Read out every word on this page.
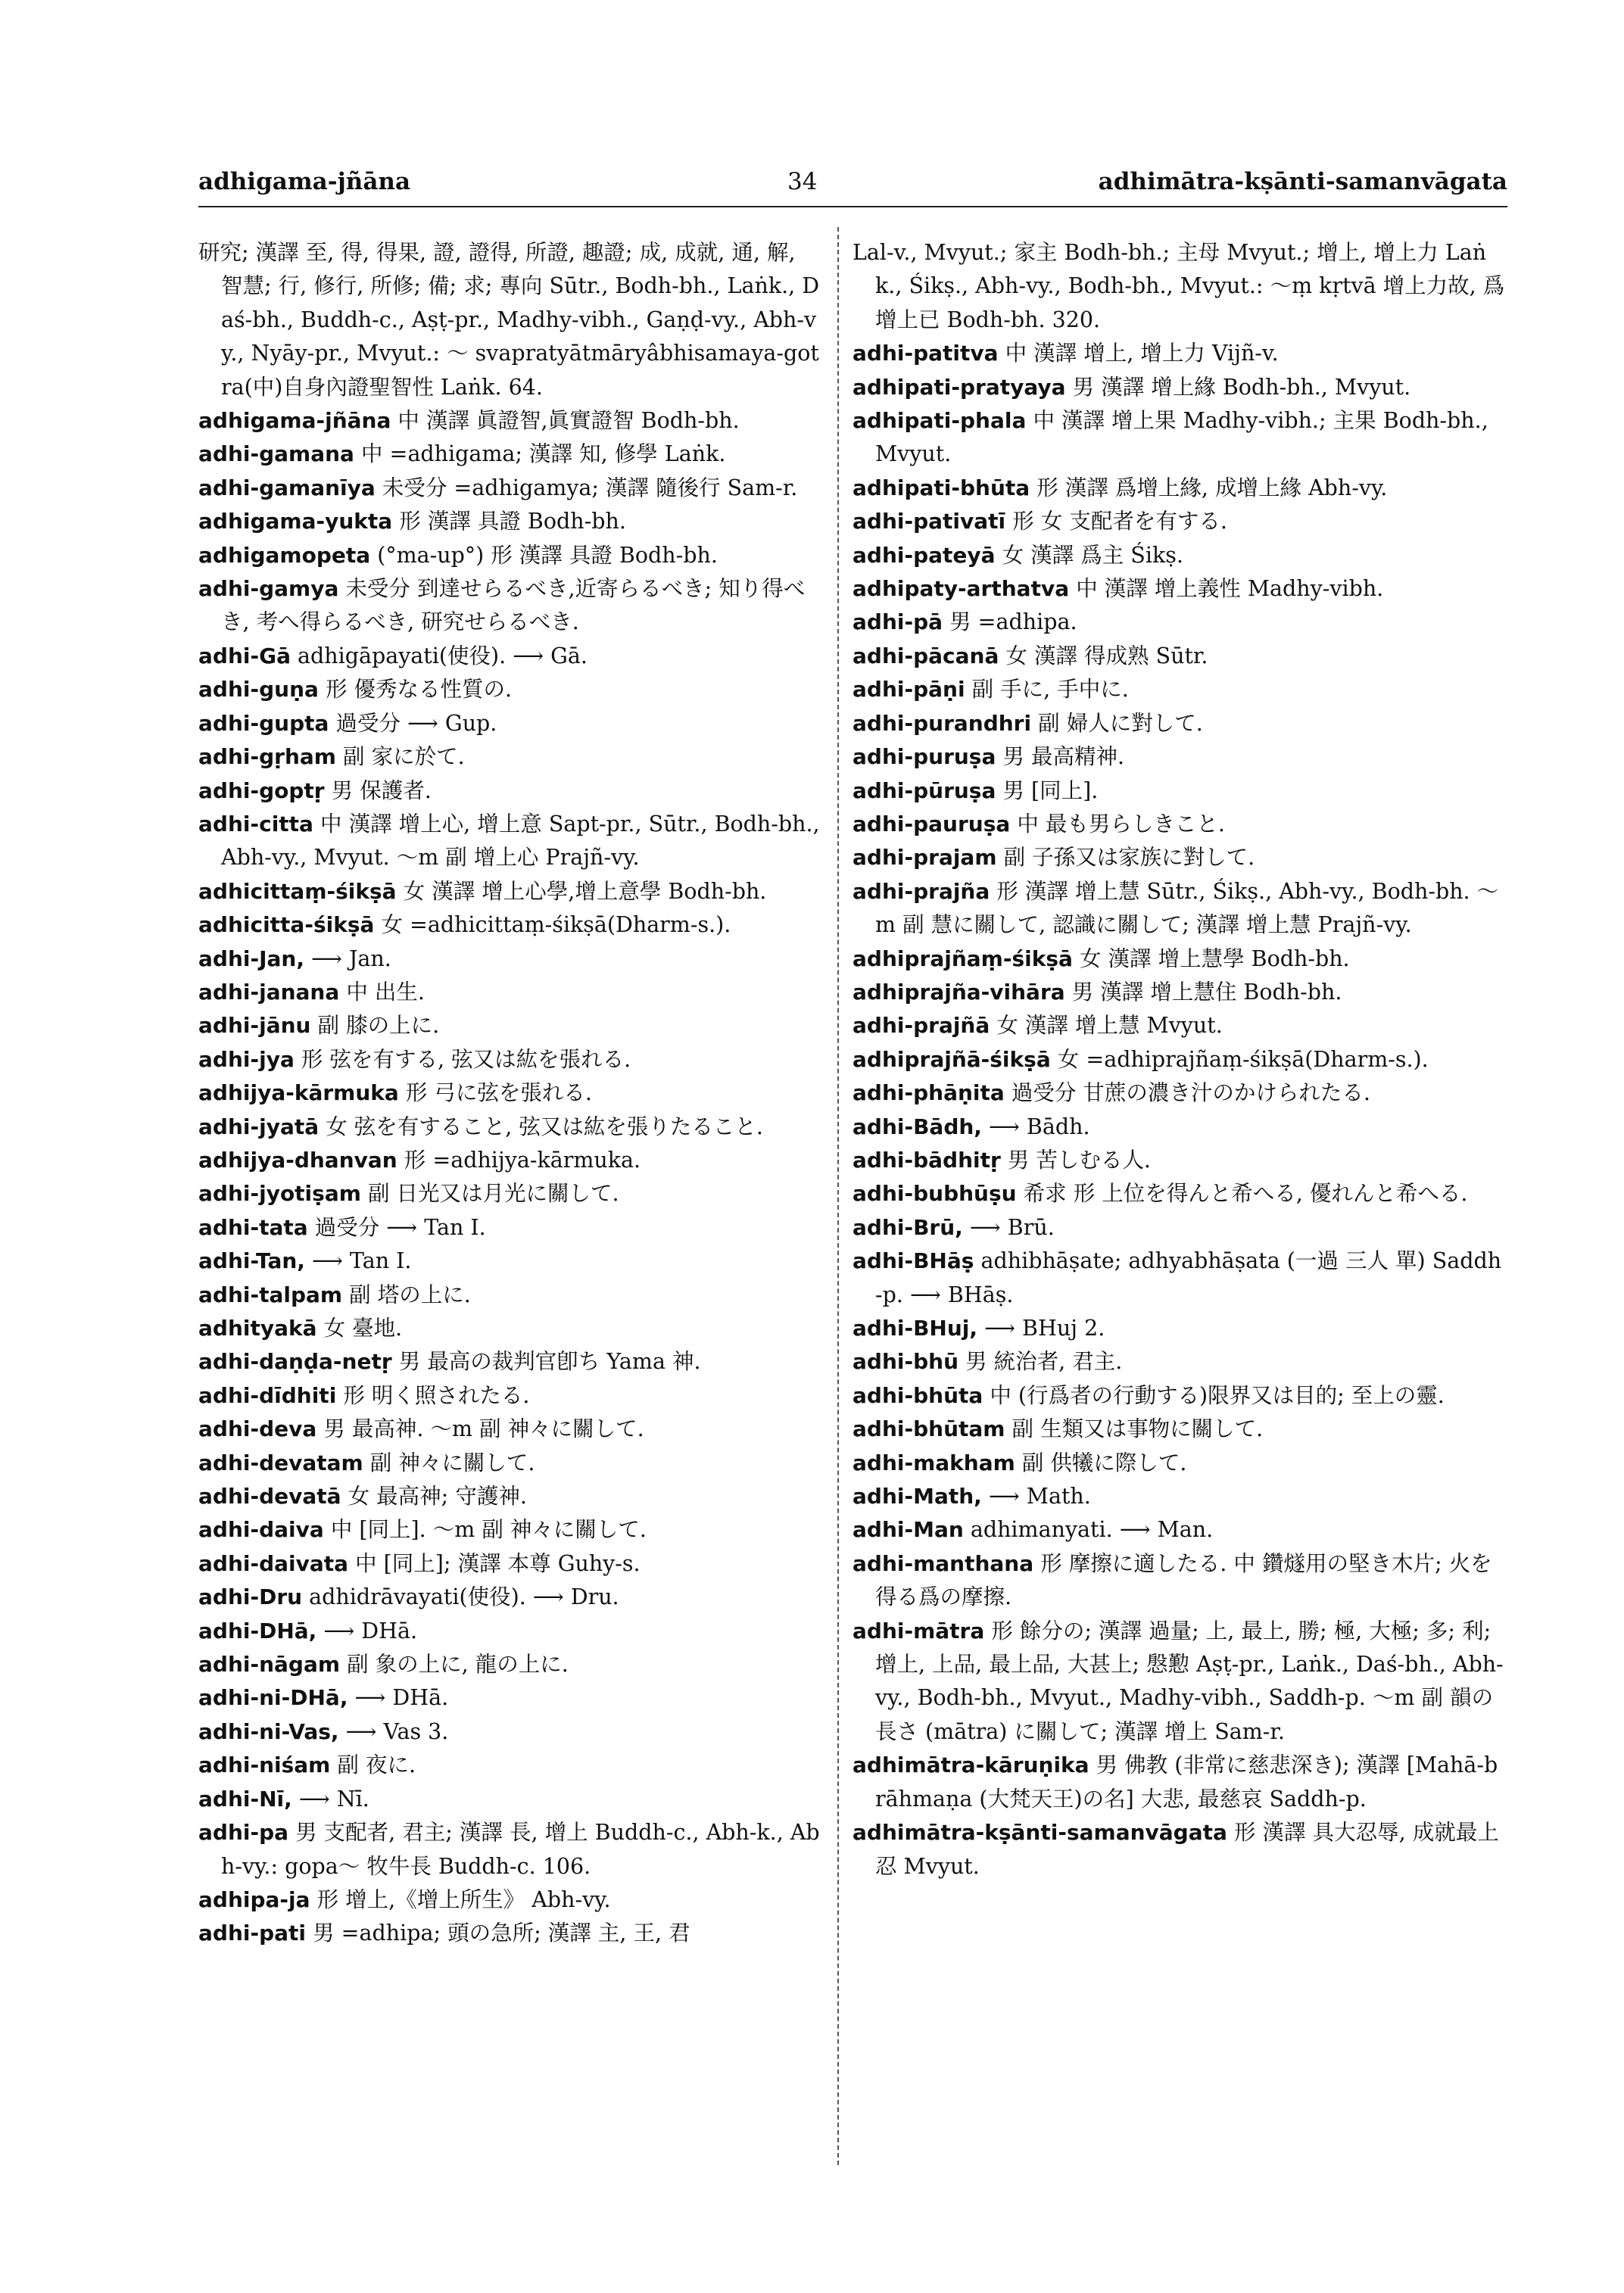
adhigama-jñāna	34	adhimātra-kṣānti-samanvāgata

研究; 漢譯 至, 得, 得果, 證, 證得, 所證, 趣證; 成, 成就, 通, 解, 智慧; 行, 修行, 所修; 備; 求; 專向 Sūtr., Bodh-bh., Laṅk., Daś-bh., Buddh-c., Aṣṭ-pr., Madhy-vibh., Gaṇḍ-vy., Abh-vy., Nyāy-pr., Mvyut.: 〜 svapratyātmāryâbhisamaya-gotra(中)自身內證聖智性 Laṅk. 64.

adhigama-jñāna 中 漢譯 眞證智,眞實證智 Bodh-bh.

adhi-gamana 中 =adhigama; 漢譯 知, 修學 Laṅk.

adhi-gamanīya 未受分 =adhigamya; 漢譯 隨後行 Sam-r.

adhigama-yukta 形 漢譯 具證 Bodh-bh.

adhigamopeta (°ma-up°) 形 漢譯 具證 Bodh-bh.

adhi-gamya 未受分 到達せらるべき,近寄らるべき; 知り得べき, 考へ得らるべき, 研究せらるべき.

adhi-Gā adhigāpayati(使役). ⟶ Gā.

adhi-guṇa 形 優秀なる性質の.

adhi-gupta 過受分 ⟶ Gup.

adhi-gṛham 副 家に於て.

adhi-goptṛ 男 保護者.

adhi-citta 中 漢譯 增上心, 增上意 Sapt-pr., Sūtr., Bodh-bh., Abh-vy., Mvyut. 〜m 副 增上心 Prajñ-vy.

adhicittaṃ-śikṣā 女 漢譯 增上心學,增上意學 Bodh-bh.

adhicitta-śikṣā 女 =adhicittaṃ-śikṣā(Dharm-s.).

adhi-Jan, ⟶ Jan.

adhi-janana 中 出生.

adhi-jānu 副 膝の上に.

adhi-jya 形 弦を有する, 弦又は紘を張れる.

adhijya-kārmuka 形 弓に弦を張れる.

adhi-jyatā 女 弦を有すること, 弦又は紘を張りたること.

adhijya-dhanvan 形 =adhijya-kārmuka.

adhi-jyotiṣam 副 日光又は月光に關して.

adhi-tata 過受分 ⟶ Tan I.

adhi-Tan, ⟶ Tan I.

adhi-talpam 副 塔の上に.

adhityakā 女 臺地.

adhi-daṇḍa-netṛ 男 最高の裁判官卽ち Yama 神.

adhi-dīdhiti 形 明く照されたる.

adhi-deva 男 最高神. 〜m 副 神々に關して.

adhi-devatam 副 神々に關して.

adhi-devatā 女 最高神; 守護神.

adhi-daiva 中 [同上]. 〜m 副 神々に關して.

adhi-daivata 中 [同上]; 漢譯 本尊 Guhy-s.

adhi-Dru adhidrāvayati(使役). ⟶ Dru.

adhi-DHā, ⟶ DHā.

adhi-nāgam 副 象の上に, 龍の上に.

adhi-ni-DHā, ⟶ DHā.

adhi-ni-Vas, ⟶ Vas 3.

adhi-niśam 副 夜に.

adhi-Nī, ⟶ Nī.

adhi-pa 男 支配者, 君主; 漢譯 長, 增上 Buddh-c., Abh-k., Abh-vy.: gopa〜 牧牛長 Buddh-c. 106.

adhipa-ja 形 增上,《增上所生》 Abh-vy.

adhi-pati 男 =adhipa; 頭の急所; 漢譯 主, 王, 君

Lal-v., Mvyut.; 家主 Bodh-bh.; 主母 Mvyut.; 增上, 增上力 Laṅk., Śikṣ., Abh-vy., Bodh-bh., Mvyut.: 〜ṃ kṛtvā 增上力故, 爲增上已 Bodh-bh. 320.

adhi-patitva 中 漢譯 增上, 增上力 Vijñ-v.

adhipati-pratyaya 男 漢譯 增上緣 Bodh-bh., Mvyut.

adhipati-phala 中 漢譯 增上果 Madhy-vibh.; 主果 Bodh-bh., Mvyut.

adhipati-bhūta 形 漢譯 爲增上緣, 成增上緣 Abh-vy.

adhi-pativatī 形 女 支配者を有する.

adhi-pateyā 女 漢譯 爲主 Śikṣ.

adhipaty-arthatva 中 漢譯 增上義性 Madhy-vibh.

adhi-pā 男 =adhipa.

adhi-pācanā 女 漢譯 得成熟 Sūtr.

adhi-pāṇi 副 手に, 手中に.

adhi-purandhri 副 婦人に對して.

adhi-puruṣa 男 最高精神.

adhi-pūruṣa 男 [同上].

adhi-pauruṣa 中 最も男らしきこと.

adhi-prajam 副 子孫又は家族に對して.

adhi-prajña 形 漢譯 增上慧 Sūtr., Śikṣ., Abh-vy., Bodh-bh. 〜m 副 慧に關して, 認識に關して; 漢譯 增上慧 Prajñ-vy.

adhiprajñaṃ-śikṣā 女 漢譯 增上慧學 Bodh-bh.

adhiprajña-vihāra 男 漢譯 增上慧住 Bodh-bh.

adhi-prajñā 女 漢譯 增上慧 Mvyut.

adhiprajñā-śikṣā 女 =adhiprajñaṃ-śikṣā(Dharm-s.).

adhi-phāṇita 過受分 甘蔗の濃き汁のかけられたる.

adhi-Bādh, ⟶ Bādh.

adhi-bādhitṛ 男 苦しむる人.

adhi-bubhūṣu 希求 形 上位を得んと希へる, 優れんと希へる.

adhi-Brū, ⟶ Brū.

adhi-BHāṣ adhibhāṣate; adhyabhāṣata (一過 三人 單) Saddh-p. ⟶ BHāṣ.

adhi-BHuj, ⟶ BHuj 2.

adhi-bhū 男 統治者, 君主.

adhi-bhūta 中 (行爲者の行動する)限界又は目的; 至上の靈.

adhi-bhūtam 副 生類又は事物に關して.

adhi-makham 副 供犧に際して.

adhi-Math, ⟶ Math.

adhi-Man adhimanyati. ⟶ Man.

adhi-manthana 形 摩擦に適したる. 中 鑽燧用の堅き木片; 火を得る爲の摩擦.

adhi-mātra 形 餘分の; 漢譯 過量; 上, 最上, 勝; 極, 大極; 多; 利; 增上, 上品, 最上品, 大甚上; 慇懃 Aṣṭ-pr., Laṅk., Daś-bh., Abh-vy., Bodh-bh., Mvyut., Madhy-vibh., Saddh-p. 〜m 副 韻の長さ (mātra) に關して; 漢譯 增上 Sam-r.

adhimātra-kāruṇika 男 佛教 (非常に慈悲深き); 漢譯 [Mahā-brāhmaṇa (大梵天王)の名] 大悲, 最慈哀 Saddh-p.

adhimātra-kṣānti-samanvāgata 形 漢譯 具大忍辱, 成就最上忍 Mvyut.
